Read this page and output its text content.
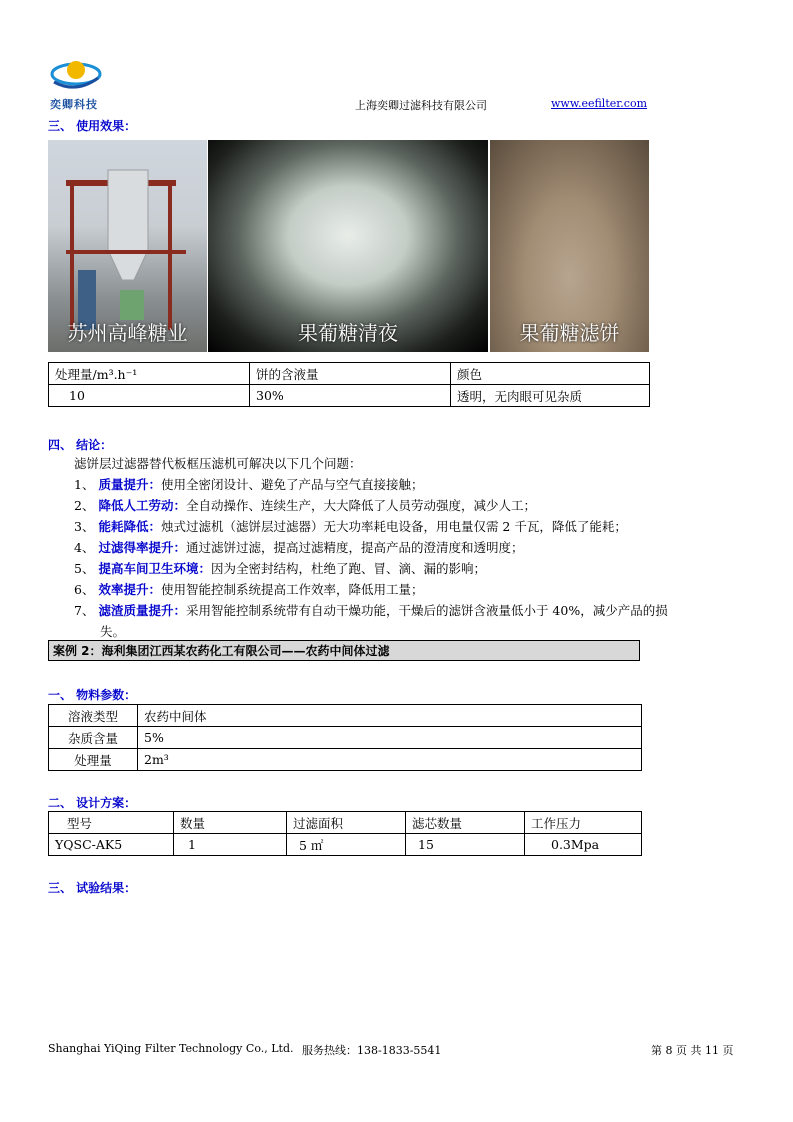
奕卿科技	上海奕卿过滤科技有限公司	www.eefilter.com
三、 使用效果：
苏州高峰糖业	果葡糖清夜	果葡糖滤饼
处理量/m³.h⁻¹	饼的含液量	颜色
10	30%	透明，无肉眼可见杂质
四、 结论：
滤饼层过滤器替代板框压滤机可解决以下几个问题：
1、 质量提升：使用全密闭设计、避免了产品与空气直接接触；
2、 降低人工劳动：全自动操作、连续生产，大大降低了人员劳动强度，减少人工；
3、 能耗降低：烛式过滤机（滤饼层过滤器）无大功率耗电设备，用电量仅需 2 千瓦，降低了能耗；
4、 过滤得率提升：通过滤饼过滤，提高过滤精度，提高产品的澄清度和透明度；
5、 提高车间卫生环境：因为全密封结构，杜绝了跑、冒、滴、漏的影响；
6、 效率提升：使用智能控制系统提高工作效率，降低用工量；
7、 滤渣质量提升：采用智能控制系统带有自动干燥功能，干燥后的滤饼含液量低小于 40%，减少产品的损
失。
案例 2：海利集团江西某农药化工有限公司——农药中间体过滤
一、 物料参数：
溶液类型	农药中间体
杂质含量	5%
处理量	2m³
二、 设计方案：
型号	数量	过滤面积	滤芯数量	工作压力
YQSC-AK5	1	5 ㎡	15	0.3Mpa
三、 试验结果：
Shanghai YiQing Filter Technology Co., Ltd. 服务热线：138-1833-5541	第 8 页 共 11 页
